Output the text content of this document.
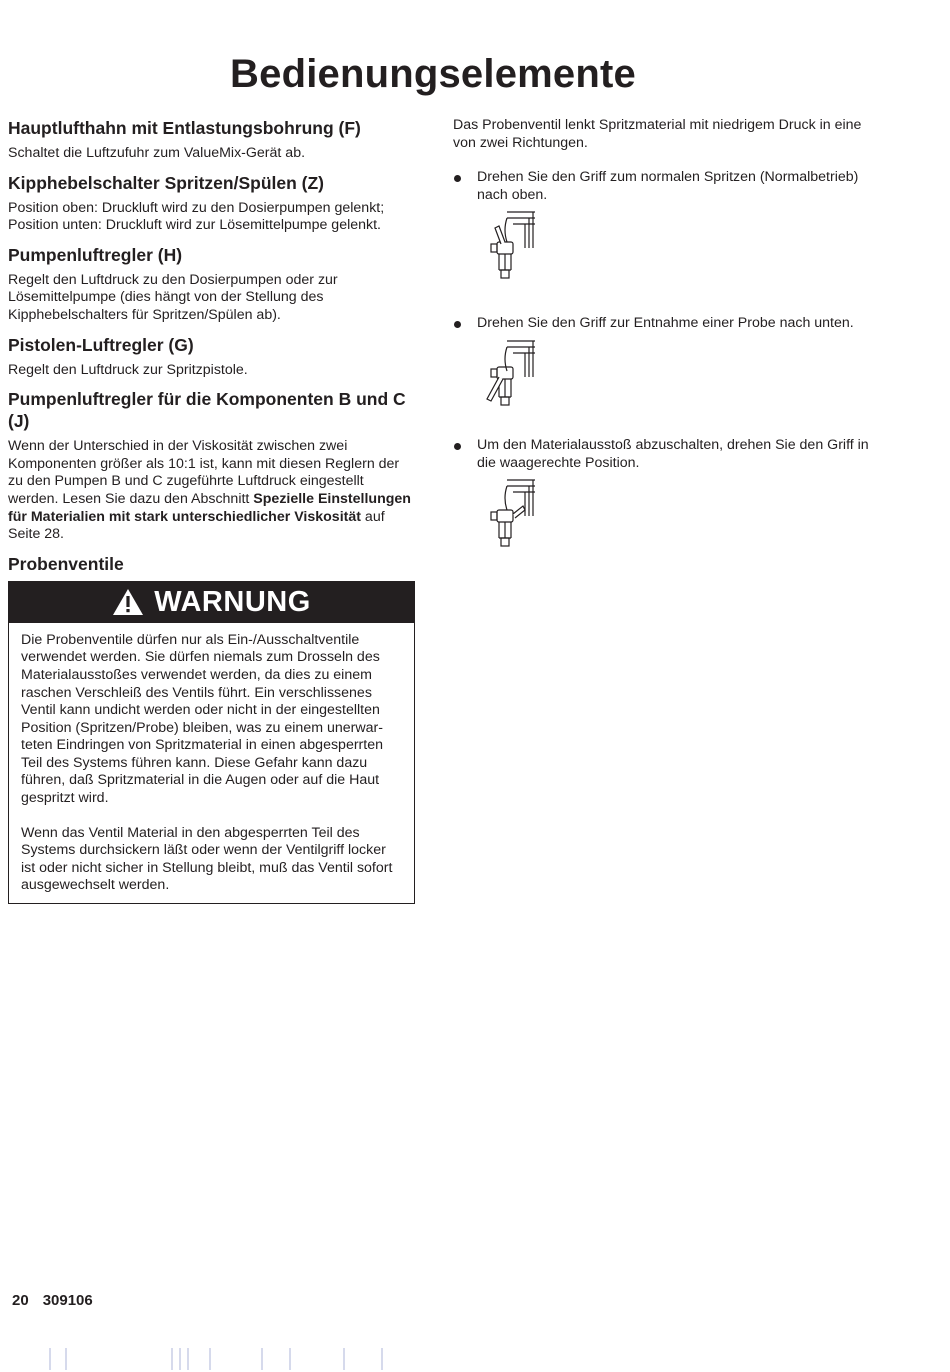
Bedienungselemente
Hauptlufthahn mit Entlastungsbohrung (F)

Schaltet die Luftzufuhr zum ValueMix-Gerät ab.

Kipphebelschalter Spritzen/Spülen (Z)

Position oben: Druckluft wird zu den Dosierpumpen gelenkt; Position unten: Druckluft wird zur Lösemittelpumpe gelenkt.

Pumpenluftregler (H)

Regelt den Luftdruck zu den Dosierpumpen oder zur Lösemittelpumpe (dies hängt von der Stellung des Kipphebelschalters für Spritzen/Spülen ab).

Pistolen-Luftregler (G)

Regelt den Luftdruck zur Spritzpistole.

Pumpenluftregler für die Komponenten B und C (J)

Wenn der Unterschied in der Viskosität zwischen zwei Komponenten größer als 10:1 ist, kann mit diesen Reglern der zu den Pumpen B und C zugeführte Luftdruck eingestellt werden. Lesen Sie dazu den Abschnitt Spezielle Einstellungen für Materialien mit stark unterschiedlicher Viskosität auf Seite 28.

Probenventile
WARNUNG

Die Probenventile dürfen nur als Ein-/Ausschaltventile verwendet werden. Sie dürfen niemals zum Drosseln des Materialausstoßes verwendet werden, da dies zu einem raschen Verschleiß des Ventils führt. Ein verschlissenes Ventil kann undicht werden oder nicht in der eingestellten Position (Spritzen/Probe) bleiben, was zu einem unerwarteten Eindringen von Spritzmaterial in einen abgesperrten Teil des Systems führen kann. Diese Gefahr kann dazu führen, daß Spritzmaterial in die Augen oder auf die Haut gespritzt wird.

Wenn das Ventil Material in den abgesperrten Teil des Systems durchsickern läßt oder wenn der Ventilgriff locker ist oder nicht sicher in Stellung bleibt, muß das Ventil sofort ausgewechselt werden.

Das Probenventil lenkt Spritzmaterial mit niedrigem Druck in eine von zwei Richtungen.

Drehen Sie den Griff zum normalen Spritzen (Normalbetrieb) nach oben.

Drehen Sie den Griff zur Entnahme einer Probe nach unten.

Um den Materialausstoß abzuschalten, drehen Sie den Griff in die waagerechte Position.

20 309106
